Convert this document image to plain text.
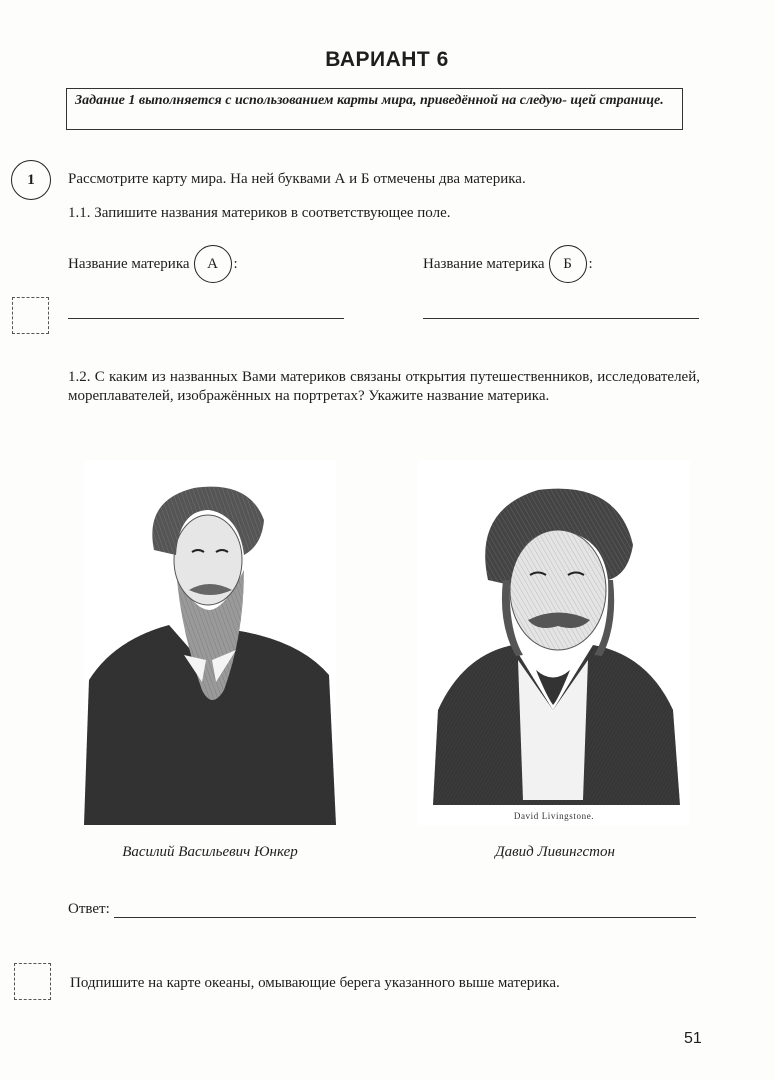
ВАРИАНТ 6
Задание 1 выполняется с использованием карты мира, приведённой на следую- щей странице.
1	Рассмотрите карту мира. На ней буквами А и Б отмечены два материка.
1.1. Запишите названия материков в соответствующее поле.
Название материка	А	:	Название материка	Б	:
1.2. С каким из названных Вами материков связаны открытия путешественников, исследователей, мореплавателей, изображённых на портретах? Укажите название материка.
David Livingstone.
Василий Васильевич Юнкер	Давид Ливингстон
Ответ:
Подпишите на карте океаны, омывающие берега указанного выше материка.
51
